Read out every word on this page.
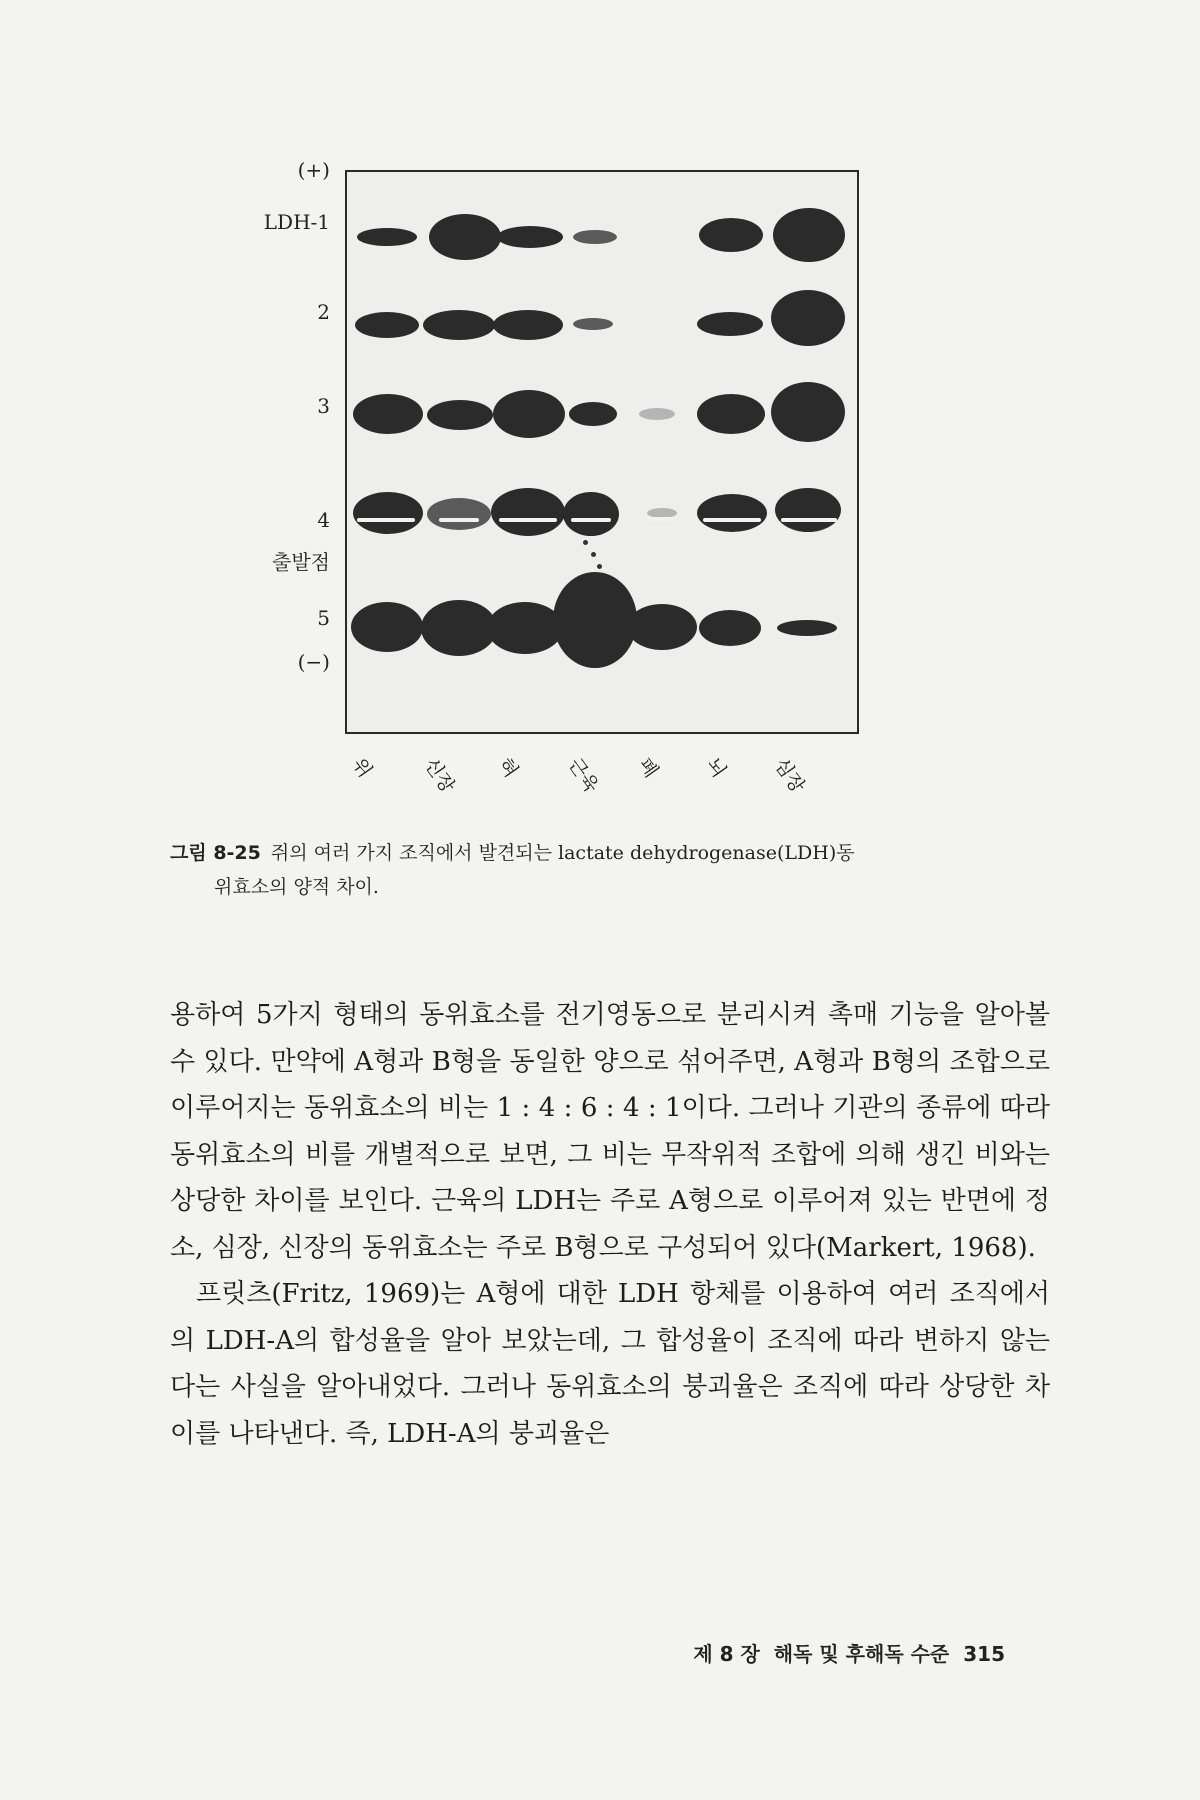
(+)
LDH-1
2
3
4
출발점
5
(−)
위 신장 혀 근육 폐 뇌 심장
그림 8-25 쥐의 여러 가지 조직에서 발견되는 lactate dehydrogenase(LDH)동
위효소의 양적 차이.

용하여 5가지 형태의 동위효소를 전기영동으로 분리시켜 촉매 기능을 알아볼 수 있다. 만약에 A형과 B형을 동일한 양으로 섞어주면, A형과 B형의 조합으로 이루어지는 동위효소의 비는 1 : 4 : 6 : 4 : 1이다. 그러나 기관의 종류에 따라 동위효소의 비를 개별적으로 보면, 그 비는 무작위적 조합에 의해 생긴 비와는 상당한 차이를 보인다. 근육의 LDH는 주로 A형으로 이루어져 있는 반면에 정소, 심장, 신장의 동위효소는 주로 B형으로 구성되어 있다(Markert, 1968).

프릿츠(Fritz, 1969)는 A형에 대한 LDH 항체를 이용하여 여러 조직에서의 LDH-A의 합성율을 알아 보았는데, 그 합성율이 조직에 따라 변하지 않는다는 사실을 알아내었다. 그러나 동위효소의 붕괴율은 조직에 따라 상당한 차이를 나타낸다. 즉, LDH-A의 붕괴율은

제 8 장 해독 및 후해독 수준 315
